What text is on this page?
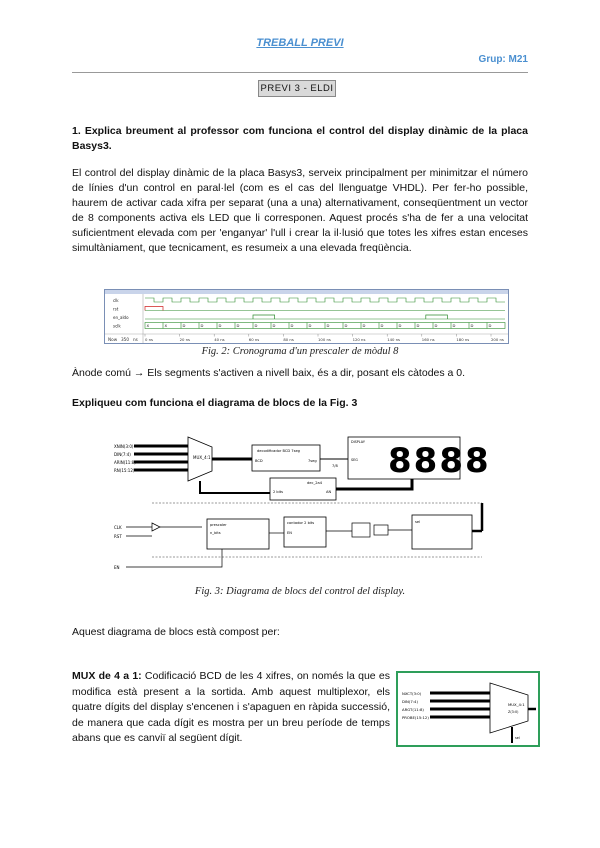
TREBALL PREVI
Grup: M21
PREVI 3 - ELDI
1. Explica breument al professor com funciona el control del display dinàmic de la placa Basys3.
El control del display dinàmic de la placa Basys3, serveix principalment per minimitzar el número de línies d'un control en paral·lel (com es el cas del llenguatge VHDL). Per fer-ho possible, haurem de activar cada xifra per separat (una a una) alternativament, conseqüentment un vector de 8 components activa els LED que li corresponen. Aquest procés s'ha de fer a una velocitat suficientment elevada com per 'enganyar' l'ull i crear la il·lusió que totes les xifres estan enceses simultàniament, que tecnicament, es resumeix a una elevada freqüència.
clk
rst
en_aldo
sclk	X	X	D	D	D	D	D	D	D	D	D	D	D	D	D	D	D	D	D	D
0 ns	20 ns	40 ns	60 ns	80 ns	100 ns	120 ns	140 ns	160 ns	180 ns	200 ns
Now 350 ns
Fig. 2: Cronograma d'un prescaler de mòdul 8
Ànode comú → Els segments s'activen a nivell baix, és a dir, posant els càtodes a 0.
Expliqueu com funciona el diagrama de blocs de la Fig. 3
XNIN(3:0)
DIN(7:4)
ARIN(11:8)
RN(15:12)
MUX_4:1
decodificador BCD 7seg
BCD	7seg
7/8
DISPLAY
SEG 8888
dec_2a4
2 bits	AN
CLK
RST
prescaler
n_bits
contador 2 bits
EN
sel
EN
Fig. 3: Diagrama de blocs del control del display.
Aquest diagrama de blocs està compost per:
MUX de 4 a 1: Codificació BCD de les 4 xifres, on només la que es modifica està present a la sortida. Amb aquest multiplexor, els quatre dígits del display s'encenen i s'apaguen en ràpida successió, de manera que cada dígit es mostra per un breu període de temps abans que es canviï al següent dígit.
NXCT(3:0)
DIN(7:4)
ARGT(11:8)
PROBE(15:12)
MUX_4:1
Z(3:0)
sel
